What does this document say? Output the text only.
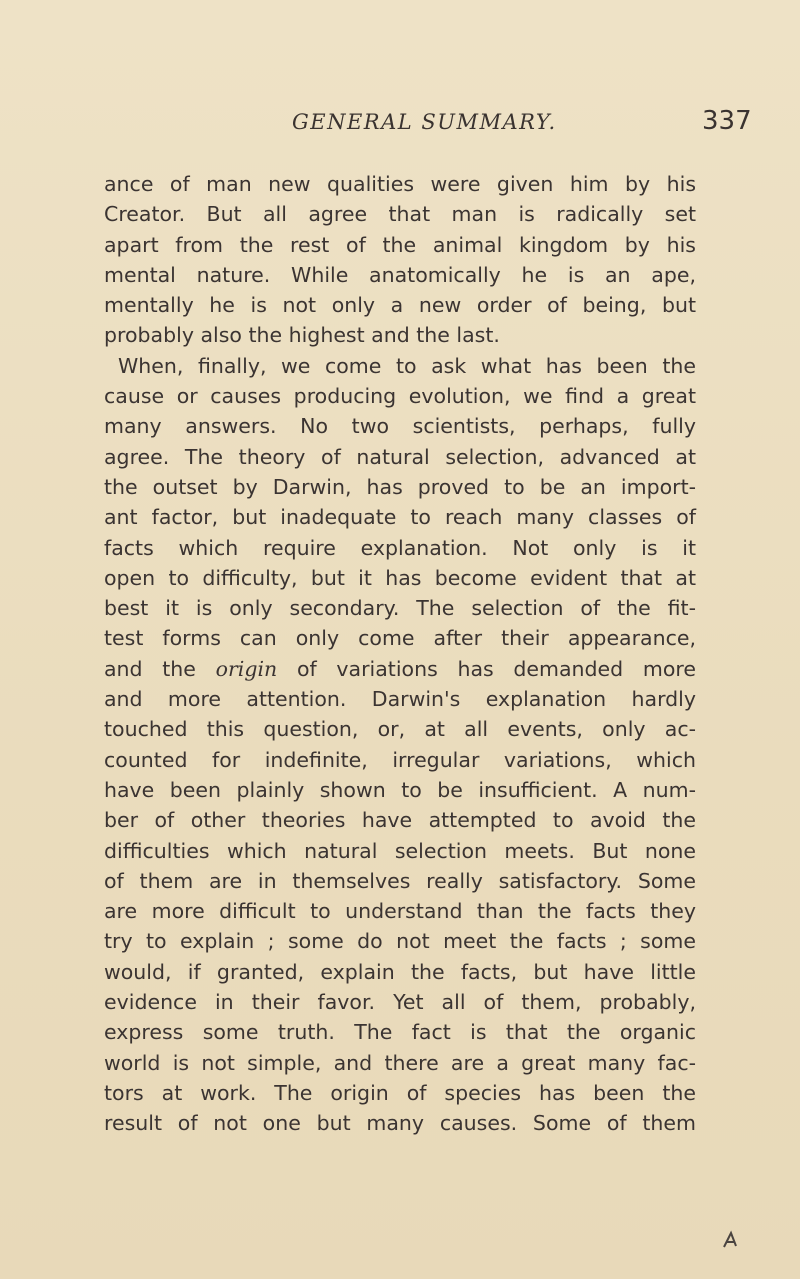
GENERAL SUMMARY.	337
ance of man new qualities were given him by his
Creator. But all agree that man is radically set
apart from the rest of the animal kingdom by his
mental nature. While anatomically he is an ape,
mentally he is not only a new order of being, but
probably also the highest and the last.
When, finally, we come to ask what has been the
cause or causes producing evolution, we find a great
many answers. No two scientists, perhaps, fully
agree. The theory of natural selection, advanced at
the outset by Darwin, has proved to be an import-
ant factor, but inadequate to reach many classes of
facts which require explanation. Not only is it
open to difficulty, but it has become evident that at
best it is only secondary. The selection of the fit-
test forms can only come after their appearance,
and the origin of variations has demanded more
and more attention. Darwin's explanation hardly
touched this question, or, at all events, only ac-
counted for indefinite, irregular variations, which
have been plainly shown to be insufficient. A num-
ber of other theories have attempted to avoid the
difficulties which natural selection meets. But none
of them are in themselves really satisfactory. Some
are more difficult to understand than the facts they
try to explain ; some do not meet the facts ; some
would, if granted, explain the facts, but have little
evidence in their favor. Yet all of them, probably,
express some truth. The fact is that the organic
world is not simple, and there are a great many fac-
tors at work. The origin of species has been the
result of not one but many causes. Some of them
